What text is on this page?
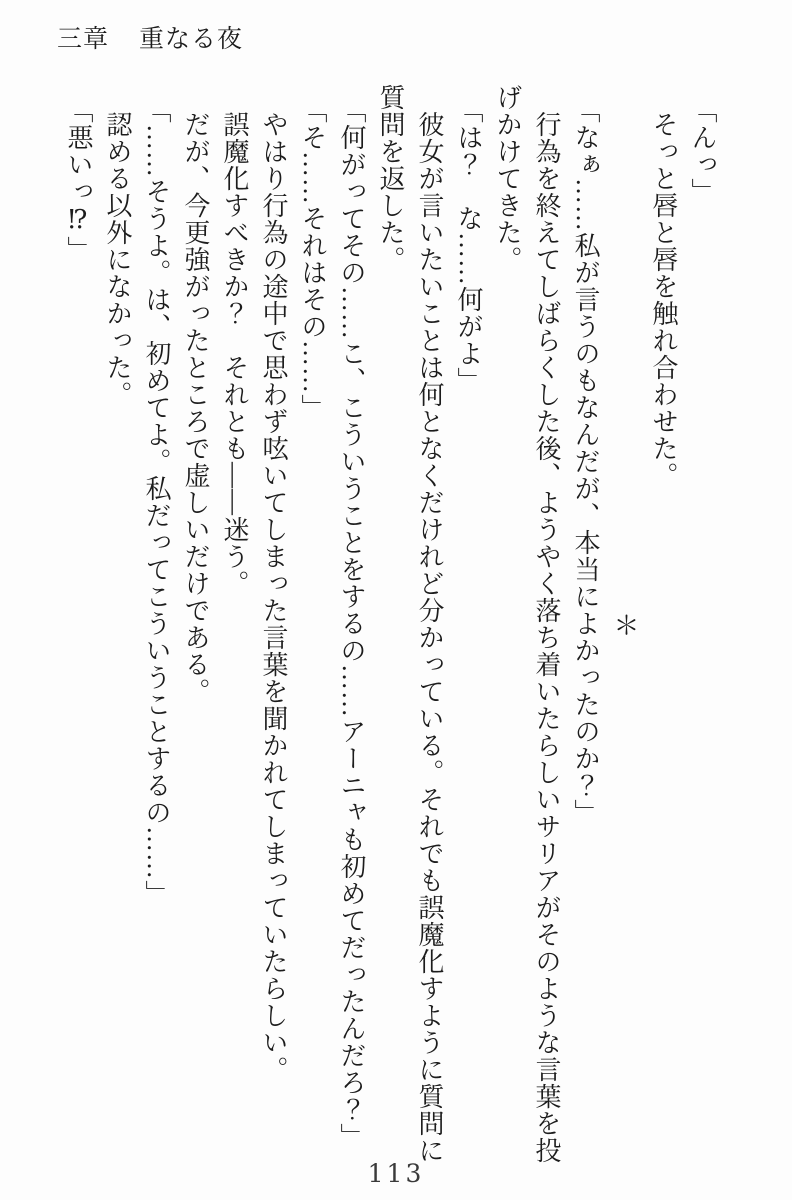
三章 重なる夜

「んっ」

そっと唇と唇を触れ合わせた。

＊

「なぁ……私が言うのもなんだが、本当によかったのか？」

行為を終えてしばらくした後、ようやく落ち着いたらしいサリアがそのような言葉を投げかけてきた。

「は？　な……何がよ」

彼女が言いたいことは何となくだけれど分かっている。それでも誤魔化すように質問に質問を返した。

「何がってその……こ、こういうことをするの……アーニャも初めてだったんだろ？」

「そ……それはその……」

やはり行為の途中で思わず呟いてしまった言葉を聞かれてしまっていたらしい。

誤魔化すべきか？　それとも——迷う。

だが、今更強がったところで虚しいだけである。

「……そうよ。は、初めてよ。私だってこういうことするの……」

認める以外になかった。

「悪いっ⁉」

113
